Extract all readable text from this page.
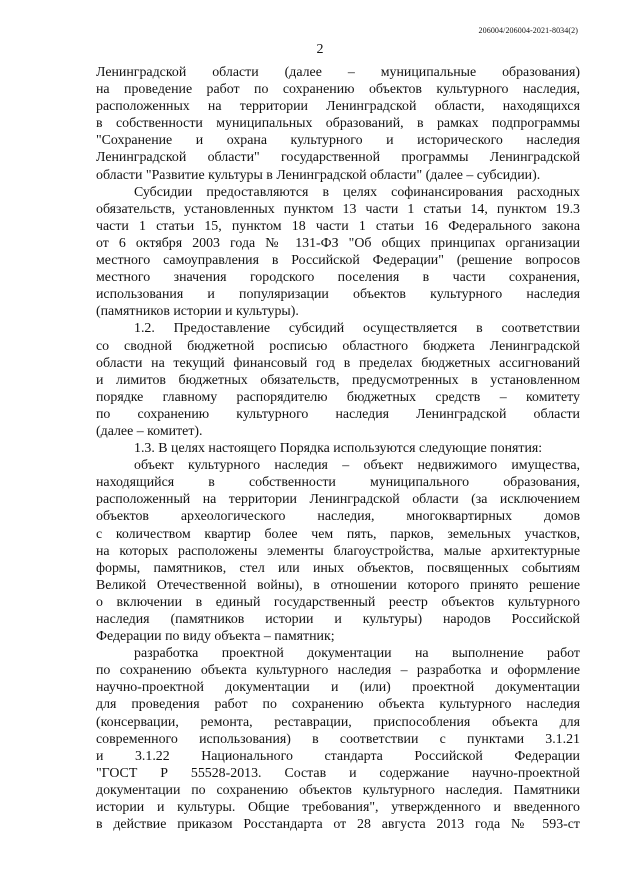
206004/206004-2021-8034(2)
2
Ленинградской области (далее – муниципальные образования)
на проведение работ по сохранению объектов культурного наследия,
расположенных на территории Ленинградской области, находящихся
в собственности муниципальных образований, в рамках подпрограммы
"Сохранение и охрана культурного и исторического наследия
Ленинградской области" государственной программы Ленинградской
области "Развитие культуры в Ленинградской области" (далее – субсидии).
Субсидии предоставляются в целях софинансирования расходных
обязательств, установленных пунктом 13 части 1 статьи 14, пунктом 19.3
части 1 статьи 15, пунктом 18 части 1 статьи 16 Федерального закона
от 6 октября 2003 года № 131-ФЗ "Об общих принципах организации
местного самоуправления в Российской Федерации" (решение вопросов
местного значения городского поселения в части сохранения,
использования и популяризации объектов культурного наследия
(памятников истории и культуры).
1.2. Предоставление субсидий осуществляется в соответствии
со сводной бюджетной росписью областного бюджета Ленинградской
области на текущий финансовый год в пределах бюджетных ассигнований
и лимитов бюджетных обязательств, предусмотренных в установленном
порядке главному распорядителю бюджетных средств – комитету
по сохранению культурного наследия Ленинградской области
(далее – комитет).
1.3. В целях настоящего Порядка используются следующие понятия:
объект культурного наследия – объект недвижимого имущества,
находящийся в собственности муниципального образования,
расположенный на территории Ленинградской области (за исключением
объектов археологического наследия, многоквартирных домов
с количеством квартир более чем пять, парков, земельных участков,
на которых расположены элементы благоустройства, малые архитектурные
формы, памятников, стел или иных объектов, посвященных событиям
Великой Отечественной войны), в отношении которого принято решение
о включении в единый государственный реестр объектов культурного
наследия (памятников истории и культуры) народов Российской
Федерации по виду объекта – памятник;
разработка проектной документации на выполнение работ
по сохранению объекта культурного наследия – разработка и оформление
научно-проектной документации и (или) проектной документации
для проведения работ по сохранению объекта культурного наследия
(консервации, ремонта, реставрации, приспособления объекта для
современного использования) в соответствии с пунктами 3.1.21
и 3.1.22 Национального стандарта Российской Федерации
"ГОСТ Р 55528-2013. Состав и содержание научно-проектной
документации по сохранению объектов культурного наследия. Памятники
истории и культуры. Общие требования", утвержденного и введенного
в действие приказом Росстандарта от 28 августа 2013 года № 593-ст
